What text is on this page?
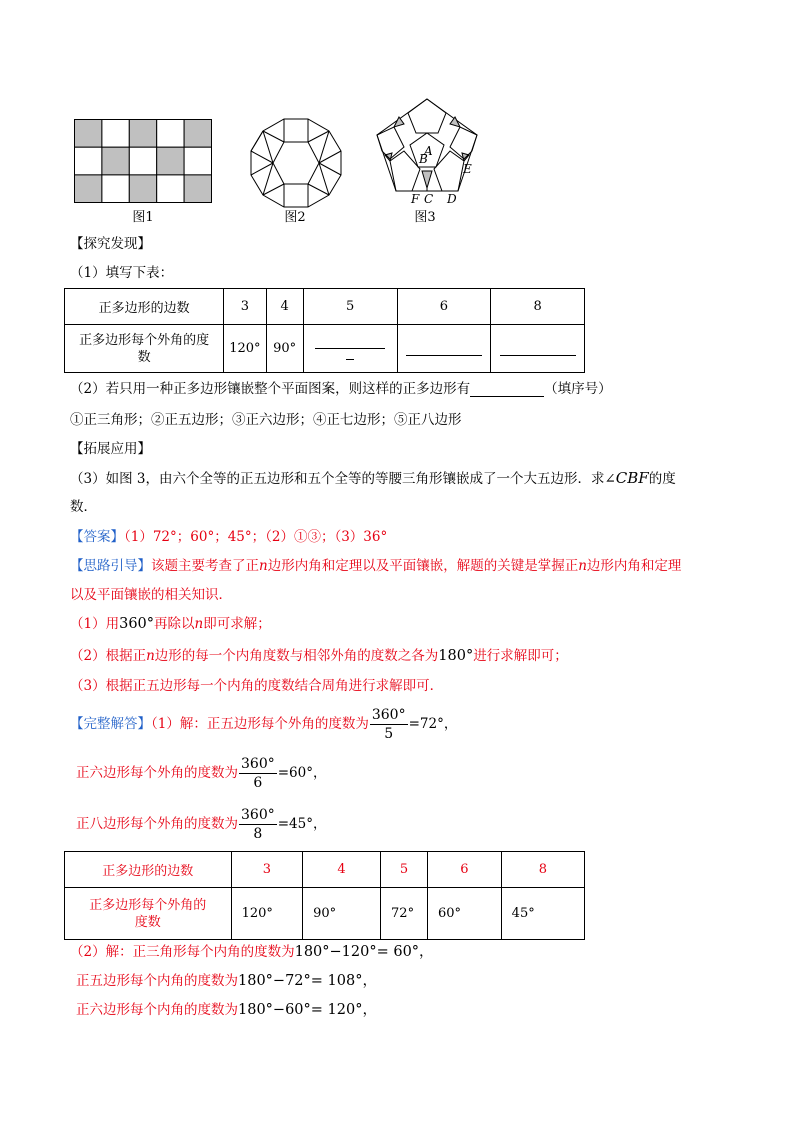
图1	图2
A
B
E
F C D
图3
【探究发现】
（1）填写下表：
正多边形的边数	3	4	5	6	8
正多边形每个外角的度
数	120°	90°	

（2）若只用一种正多边形镶嵌整个平面图案，则这样的正多边形有	（填序号）
①正三角形；②正五边形；③正六边形；④正七边形；⑤正八边形
【拓展应用】
（3）如图 3，由六个全等的正五边形和五个全等的等腰三角形镶嵌成了一个大五边形．求∠CBF的度
数．
【答案】（1）72°；60°；45°；（2）①③；（3）36°
【思路引导】该题主要考查了正n边形内角和定理以及平面镶嵌，解题的关键是掌握正n边形内角和定理
以及平面镶嵌的相关知识．
（1）用360°再除以n即可求解；
（2）根据正n边形的每一个内角度数与相邻外角的度数之各为180°进行求解即可；
（3）根据正五边形每一个内角的度数结合周角进行求解即可．
【完整解答】（1）解：正五边形每个外角的度数为 $\frac{360^\circ}{5} =72^\circ$，
正六边形每个外角的度数为 $\frac{360^\circ}{6} =60^\circ$，
正八边形每个外角的度数为 $\frac{360^\circ}{8} =45^\circ$，
正多边形的边数	3	4	5	6	8
正多边形每个外角的
度数	120°	90°	72°	60°	45°
（2）解：正三角形每个内角的度数为180°−120°= 60°，
正五边形每个内角的度数为180°−72°= 108°，
正六边形每个内角的度数为180°−60°= 120°，
